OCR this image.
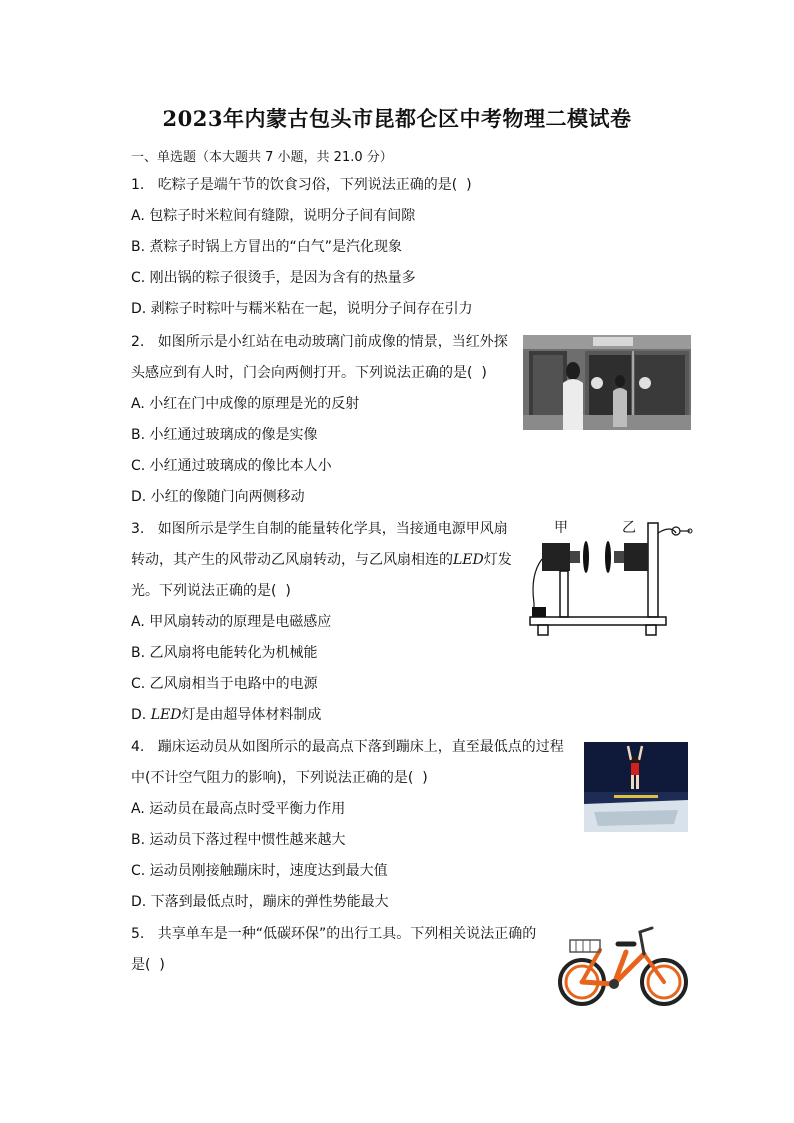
2023年内蒙古包头市昆都仑区中考物理二模试卷
一、单选题（本大题共 7 小题，共 21.0 分）
1.   吃粽子是端午节的饮食习俗，下列说法正确的是(  )
A. 包粽子时米粒间有缝隙，说明分子间有间隙
B. 煮粽子时锅上方冒出的“白气”是汽化现象
C. 刚出锅的粽子很烫手，是因为含有的热量多
D. 剥粽子时粽叶与糯米粘在一起，说明分子间存在引力
2.   如图所示是小红站在电动玻璃门前成像的情景，当红外探
头感应到有人时，门会向两侧打开。下列说法正确的是(  )
A. 小红在门中成像的原理是光的反射
B. 小红通过玻璃成的像是实像
C. 小红通过玻璃成的像比本人小
D. 小红的像随门向两侧移动
3.   如图所示是学生自制的能量转化学具，当接通电源甲风扇
转动，其产生的风带动乙风扇转动，与乙风扇相连的LED灯发
光。下列说法正确的是(  )
A. 甲风扇转动的原理是电磁感应
B. 乙风扇将电能转化为机械能
C. 乙风扇相当于电路中的电源
D. LED灯是由超导体材料制成
甲	乙
4.   蹦床运动员从如图所示的最高点下落到蹦床上，直至最低点的过程
中(不计空气阻力的影响)，下列说法正确的是(  )
A. 运动员在最高点时受平衡力作用
B. 运动员下落过程中惯性越来越大
C. 运动员刚接触蹦床时，速度达到最大值
D. 下落到最低点时，蹦床的弹性势能最大
5.   共享单车是一种“低碳环保”的出行工具。下列相关说法正确的
是(  )
